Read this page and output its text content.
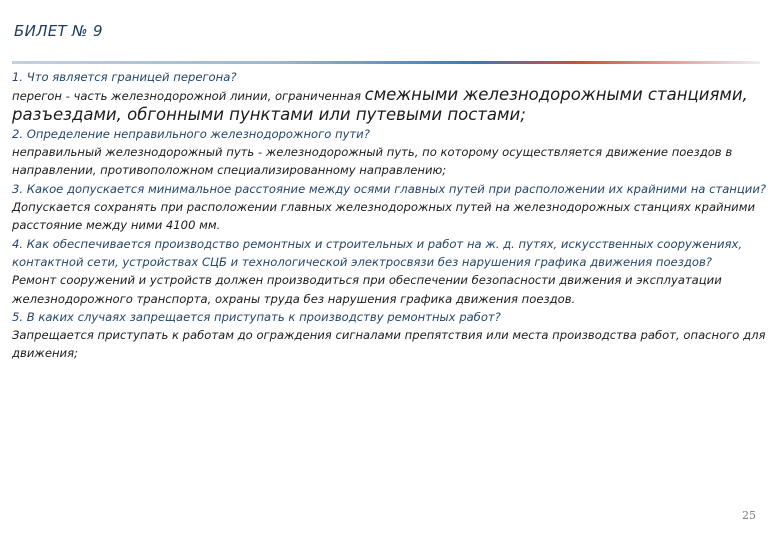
БИЛЕТ № 9

1. Что является границей перегона?

перегон - часть железнодорожной линии, ограниченная смежными железнодорожными станциями, разъездами, обгонными пунктами или путевыми постами;

2. Определение неправильного железнодорожного пути?

неправильный железнодорожный путь - железнодорожный путь, по которому осуществляется движение поездов в направлении, противоположном специализированному направлению;

3. Какое допускается минимальное расстояние между осями главных путей при расположении их крайними на станции?

Допускается сохранять при расположении главных железнодорожных путей на железнодорожных станциях крайними расстояние между ними 4100 мм.

4. Как обеспечивается производство ремонтных и строительных и работ на ж. д. путях, искусственных сооружениях, контактной сети, устройствах СЦБ и технологической электросвязи без нарушения графика движения поездов?

Ремонт сооружений и устройств должен производиться при обеспечении безопасности движения и эксплуатации железнодорожного транспорта, охраны труда без нарушения графика движения поездов.

5. В каких случаях запрещается приступать к производству ремонтных работ?

Запрещается приступать к работам до ограждения сигналами препятствия или места производства работ, опасного для движения;

25
